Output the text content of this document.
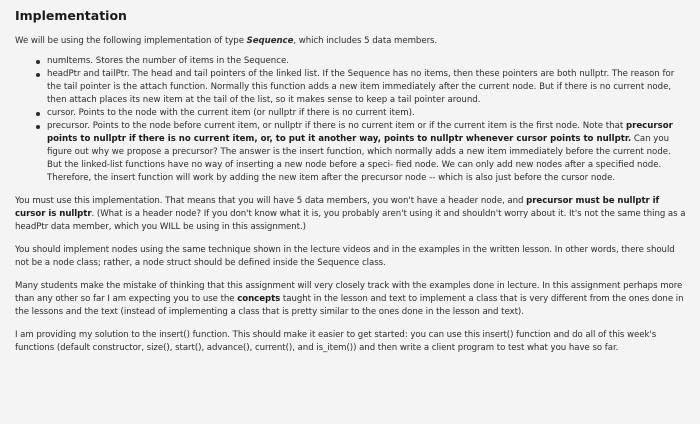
Implementation

We will be using the following implementation of type Sequence, which includes 5 data members.

numItems. Stores the number of items in the Sequence.
headPtr and tailPtr. The head and tail pointers of the linked list. If the Sequence has no items, then these pointers are both nullptr. The reason for the tail pointer is the attach function. Normally this function adds a new item immediately after the current node. But if there is no current node, then attach places its new item at the tail of the list, so it makes sense to keep a tail pointer around.
cursor. Points to the node with the current item (or nullptr if there is no current item).
precursor. Points to the node before current item, or nullptr if there is no current item or if the current item is the first node. Note that precursor points to nullptr if there is no current item, or, to put it another way, points to nullptr whenever cursor points to nullptr. Can you figure out why we propose a precursor? The answer is the insert function, which normally adds a new item immediately before the current node. But the linked-list functions have no way of inserting a new node before a speci- fied node. We can only add new nodes after a specified node. Therefore, the insert function will work by adding the new item after the precursor node -- which is also just before the cursor node.

You must use this implementation. That means that you will have 5 data members, you won't have a header node, and precursor must be nullptr if cursor is nullptr. (What is a header node? If you don't know what it is, you probably aren't using it and shouldn't worry about it. It's not the same thing as a headPtr data member, which you WILL be using in this assignment.)

You should implement nodes using the same technique shown in the lecture videos and in the examples in the written lesson. In other words, there should not be a node class; rather, a node struct should be defined inside the Sequence class.

Many students make the mistake of thinking that this assignment will very closely track with the examples done in lecture. In this assignment perhaps more than any other so far I am expecting you to use the concepts taught in the lesson and text to implement a class that is very different from the ones done in the lessons and the text (instead of implementing a class that is pretty similar to the ones done in the lesson and text).

I am providing my solution to the insert() function. This should make it easier to get started: you can use this insert() function and do all of this week's functions (default constructor, size(), start(), advance(), current(), and is_item()) and then write a client program to test what you have so far.
